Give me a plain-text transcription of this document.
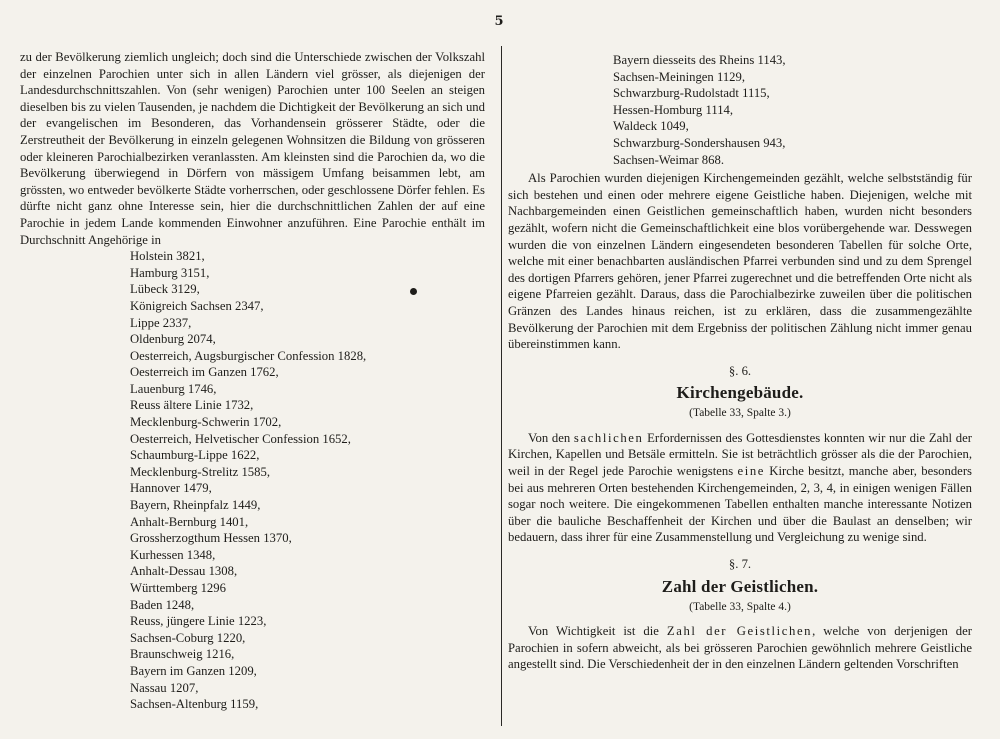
5

zu der Bevölkerung ziemlich ungleich; doch sind die Unterschiede zwischen der Volkszahl der einzelnen Parochien unter sich in allen Ländern viel grösser, als diejenigen der Landesdurchschnittszahlen. Von (sehr wenigen) Parochien unter 100 Seelen an steigen dieselben bis zu vielen Tausenden, je nachdem die Dichtigkeit der Bevölkerung an sich und der evangelischen im Besonderen, das Vorhandensein grösserer Städte, oder die Zerstreutheit der Bevölkerung in einzeln gelegenen Wohnsitzen die Bildung von grösseren oder kleineren Parochialbezirken veranlassten. Am kleinsten sind die Parochien da, wo die Bevölkerung überwiegend in Dörfern von mässigem Umfang beisammen lebt, am grössten, wo entweder bevölkerte Städte vorherrschen, oder geschlossene Dörfer fehlen. Es dürfte nicht ganz ohne Interesse sein, hier die durchschnittlichen Zahlen der auf eine Parochie in jedem Lande kommenden Einwohner anzuführen. Eine Parochie enthält im Durchschnitt Angehörige in

Holstein 3821,
Hamburg 3151,
Lübeck 3129,
Königreich Sachsen 2347,
Lippe 2337,
Oldenburg 2074,
Oesterreich, Augsburgischer Confession 1828,
Oesterreich im Ganzen 1762,
Lauenburg 1746,
Reuss ältere Linie 1732,
Mecklenburg-Schwerin 1702,
Oesterreich, Helvetischer Confession 1652,
Schaumburg-Lippe 1622,
Mecklenburg-Strelitz 1585,
Hannover 1479,
Bayern, Rheinpfalz 1449,
Anhalt-Bernburg 1401,
Grossherzogthum Hessen 1370,
Kurhessen 1348,
Anhalt-Dessau 1308,
Württemberg 1296
Baden 1248,
Reuss, jüngere Linie 1223,
Sachsen-Coburg 1220,
Braunschweig 1216,
Bayern im Ganzen 1209,
Nassau 1207,
Sachsen-Altenburg 1159,
Bayern diesseits des Rheins 1143,
Sachsen-Meiningen 1129,
Schwarzburg-Rudolstadt 1115,
Hessen-Homburg 1114,
Waldeck 1049,
Schwarzburg-Sondershausen 943,
Sachsen-Weimar 868.

Als Parochien wurden diejenigen Kirchengemeinden gezählt, welche selbstständig für sich bestehen und einen oder mehrere eigene Geistliche haben. Diejenigen, welche mit Nachbargemeinden einen Geistlichen gemeinschaftlich haben, wurden nicht besonders gezählt, wofern nicht die Gemeinschaftlichkeit eine blos vorübergehende war. Desswegen wurden die von einzelnen Ländern eingesendeten besonderen Tabellen für solche Orte, welche mit einer benachbarten ausländischen Pfarrei verbunden sind und zu dem Sprengel des dortigen Pfarrers gehören, jener Pfarrei zugerechnet und die betreffenden Orte nicht als eigene Pfarreien gezählt. Daraus, dass die Parochialbezirke zuweilen über die politischen Gränzen des Landes hinaus reichen, ist zu erklären, dass die zusammengezählte Bevölkerung der Parochien mit dem Ergebniss der politischen Zählung nicht immer genau übereinstimmen kann.

§. 6.
Kirchengebäude.
(Tabelle 33, Spalte 3.)

Von den sachlichen Erfordernissen des Gottesdienstes konnten wir nur die Zahl der Kirchen, Kapellen und Betsäle ermitteln. Sie ist beträchtlich grösser als die der Parochien, weil in der Regel jede Parochie wenigstens eine Kirche besitzt, manche aber, besonders bei aus mehreren Orten bestehenden Kirchengemeinden, 2, 3, 4, in einigen wenigen Fällen sogar noch weitere. Die eingekommenen Tabellen enthalten manche interessante Notizen über die bauliche Beschaffenheit der Kirchen und über die Baulast an denselben; wir bedauern, dass ihrer für eine Zusammenstellung und Vergleichung zu wenige sind.

§. 7.
Zahl der Geistlichen.
(Tabelle 33, Spalte 4.)

Von Wichtigkeit ist die Zahl der Geistlichen, welche von derjenigen der Parochien in sofern abweicht, als bei grösseren Parochien gewöhnlich mehrere Geistliche angestellt sind. Die Verschiedenheit der in den einzelnen Ländern geltenden Vorschriften
